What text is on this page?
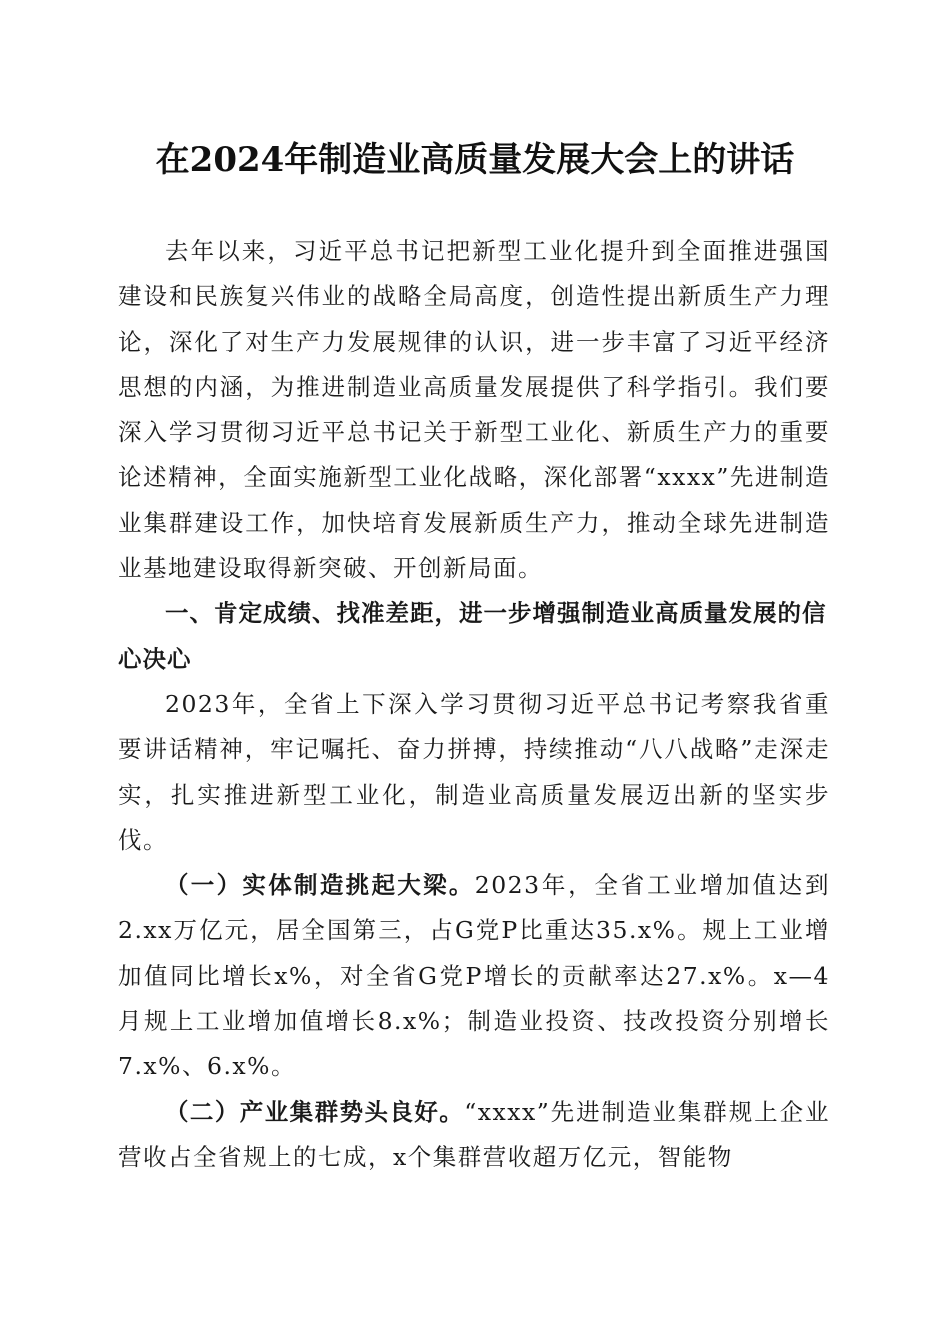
在2024年制造业高质量发展大会上的讲话

去年以来，习近平总书记把新型工业化提升到全面推进强国建设和民族复兴伟业的战略全局高度，创造性提出新质生产力理论，深化了对生产力发展规律的认识，进一步丰富了习近平经济思想的内涵，为推进制造业高质量发展提供了科学指引。我们要深入学习贯彻习近平总书记关于新型工业化、新质生产力的重要论述精神，全面实施新型工业化战略，深化部署“xxxx”先进制造业集群建设工作，加快培育发展新质生产力，推动全球先进制造业基地建设取得新突破、开创新局面。

一、肯定成绩、找准差距，进一步增强制造业高质量发展的信心决心

2023年，全省上下深入学习贯彻习近平总书记考察我省重要讲话精神，牢记嘱托、奋力拼搏，持续推动“八八战略”走深走实，扎实推进新型工业化，制造业高质量发展迈出新的坚实步伐。

（一）实体制造挑起大梁。2023年，全省工业增加值达到2.xx万亿元，居全国第三，占G党P比重达35.x%。规上工业增加值同比增长x%，对全省G党P增长的贡献率达27.x%。x—4月规上工业增加值增长8.x%；制造业投资、技改投资分别增长7.x%、6.x%。

（二）产业集群势头良好。“xxxx”先进制造业集群规上企业营收占全省规上的七成，x个集群营收超万亿元，智能物
